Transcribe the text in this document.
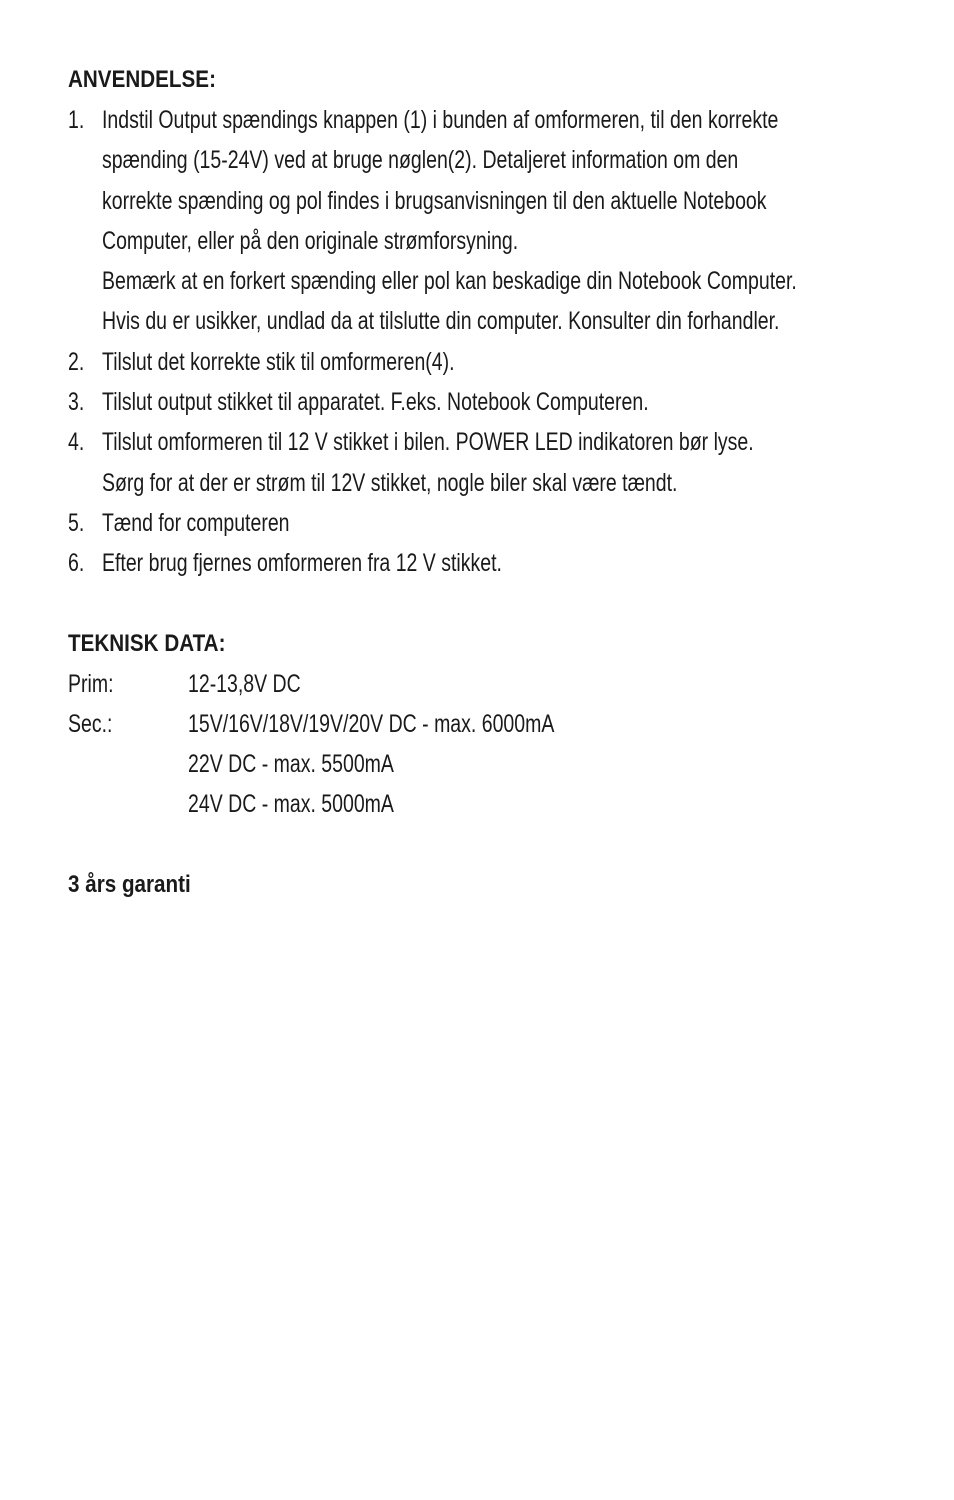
ANVENDELSE:
1. Indstil Output spændings knappen (1) i bunden af omformeren, til den korrekte
spænding (15-24V) ved at bruge nøglen(2). Detaljeret information om den
korrekte spænding og pol findes i brugsanvisningen til den aktuelle Notebook
Computer, eller på den originale strømforsyning.
Bemærk at en forkert spænding eller pol kan beskadige din Notebook Computer.
Hvis du er usikker, undlad da at tilslutte din computer. Konsulter din forhandler.
2. Tilslut det korrekte stik til omformeren(4).
3. Tilslut output stikket til apparatet. F.eks. Notebook Computeren.
4. Tilslut omformeren til 12 V stikket i bilen. POWER LED indikatoren bør lyse.
Sørg for at der er strøm til 12V stikket, nogle biler skal være tændt.
5. Tænd for computeren
6. Efter brug fjernes omformeren fra 12 V stikket.
TEKNISK DATA:
Prim:	12-13,8V DC
Sec.:	15V/16V/18V/19V/20V DC - max. 6000mA
22V DC - max. 5500mA
24V DC - max. 5000mA
3 års garanti
